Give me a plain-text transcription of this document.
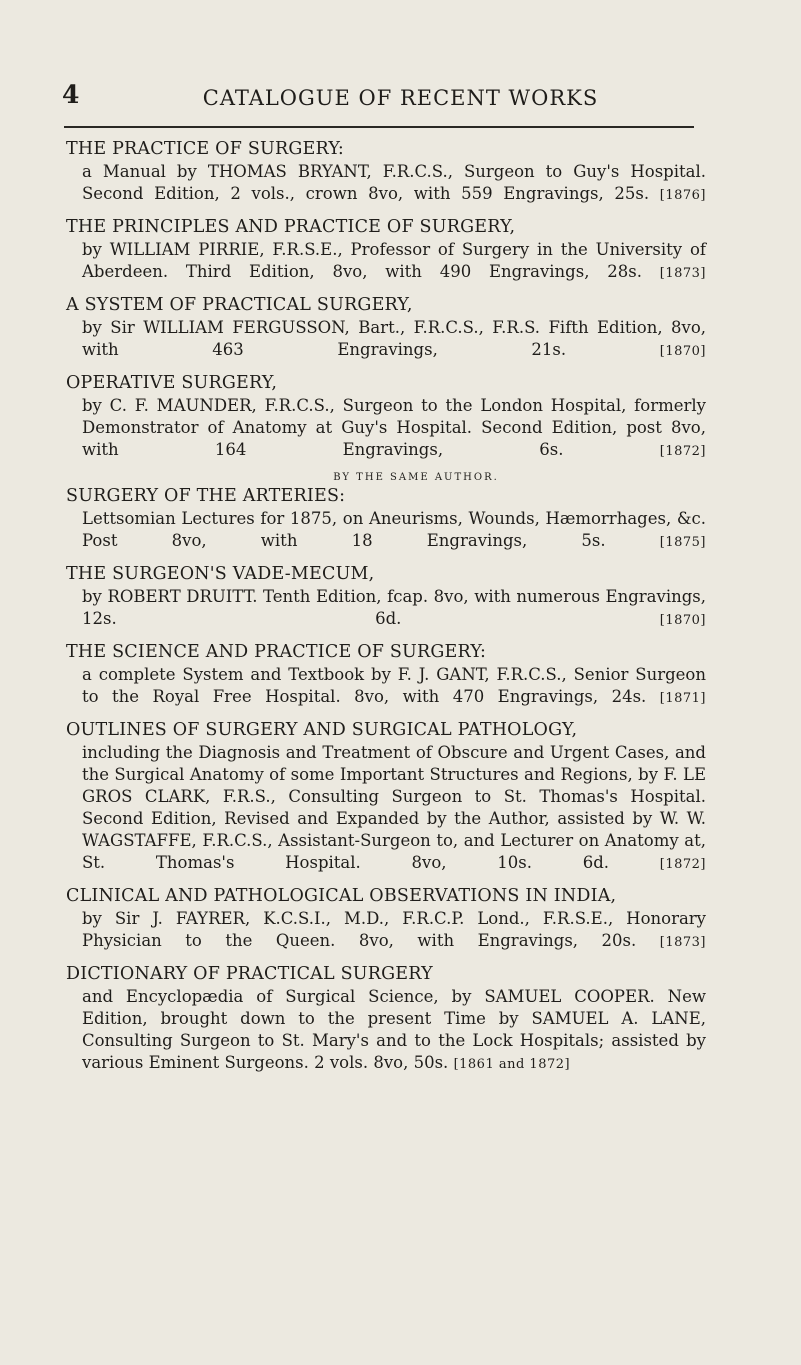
4	CATALOGUE OF RECENT WORKS
THE PRACTICE OF SURGERY:
a Manual by THOMAS BRYANT, F.R.C.S., Surgeon to Guy's Hospital. Second Edition, 2 vols., crown 8vo, with 559 Engravings, 25s. [1876]
THE PRINCIPLES AND PRACTICE OF SURGERY,
by WILLIAM PIRRIE, F.R.S.E., Professor of Surgery in the University of Aberdeen. Third Edition, 8vo, with 490 Engravings, 28s. [1873]
A SYSTEM OF PRACTICAL SURGERY,
by Sir WILLIAM FERGUSSON, Bart., F.R.C.S., F.R.S. Fifth Edition, 8vo, with 463 Engravings, 21s.	[1870]
OPERATIVE SURGERY,
by C. F. MAUNDER, F.R.C.S., Surgeon to the London Hospital, formerly Demonstrator of Anatomy at Guy's Hospital. Second Edition, post 8vo, with 164 Engravings, 6s.	[1872]
BY THE SAME AUTHOR.
SURGERY OF THE ARTERIES:
Lettsomian Lectures for 1875, on Aneurisms, Wounds, Hæmorrhages, &c. Post 8vo, with 18 Engravings, 5s.	[1875]
THE SURGEON'S VADE-MECUM,
by ROBERT DRUITT. Tenth Edition, fcap. 8vo, with numerous Engravings, 12s. 6d.	[1870]
THE SCIENCE AND PRACTICE OF SURGERY:
a complete System and Textbook by F. J. GANT, F.R.C.S., Senior Surgeon to the Royal Free Hospital. 8vo, with 470 Engravings, 24s. [1871]
OUTLINES OF SURGERY AND SURGICAL PATHOLOGY,
including the Diagnosis and Treatment of Obscure and Urgent Cases, and the Surgical Anatomy of some Important Structures and Regions, by F. LE GROS CLARK, F.R.S., Consulting Surgeon to St. Thomas's Hospital. Second Edition, Revised and Expanded by the Author, assisted by W. W. WAGSTAFFE, F.R.C.S., Assistant-Surgeon to, and Lecturer on Anatomy at, St. Thomas's Hospital. 8vo, 10s. 6d.	[1872]
CLINICAL AND PATHOLOGICAL OBSERVATIONS IN INDIA,
by Sir J. FAYRER, K.C.S.I., M.D., F.R.C.P. Lond., F.R.S.E., Honorary Physician to the Queen. 8vo, with Engravings, 20s. [1873]
DICTIONARY OF PRACTICAL SURGERY
and Encyclopædia of Surgical Science, by SAMUEL COOPER. New Edition, brought down to the present Time by SAMUEL A. LANE, Consulting Surgeon to St. Mary's and to the Lock Hospitals; assisted by various Eminent Surgeons. 2 vols. 8vo, 50s. [1861 and 1872]
